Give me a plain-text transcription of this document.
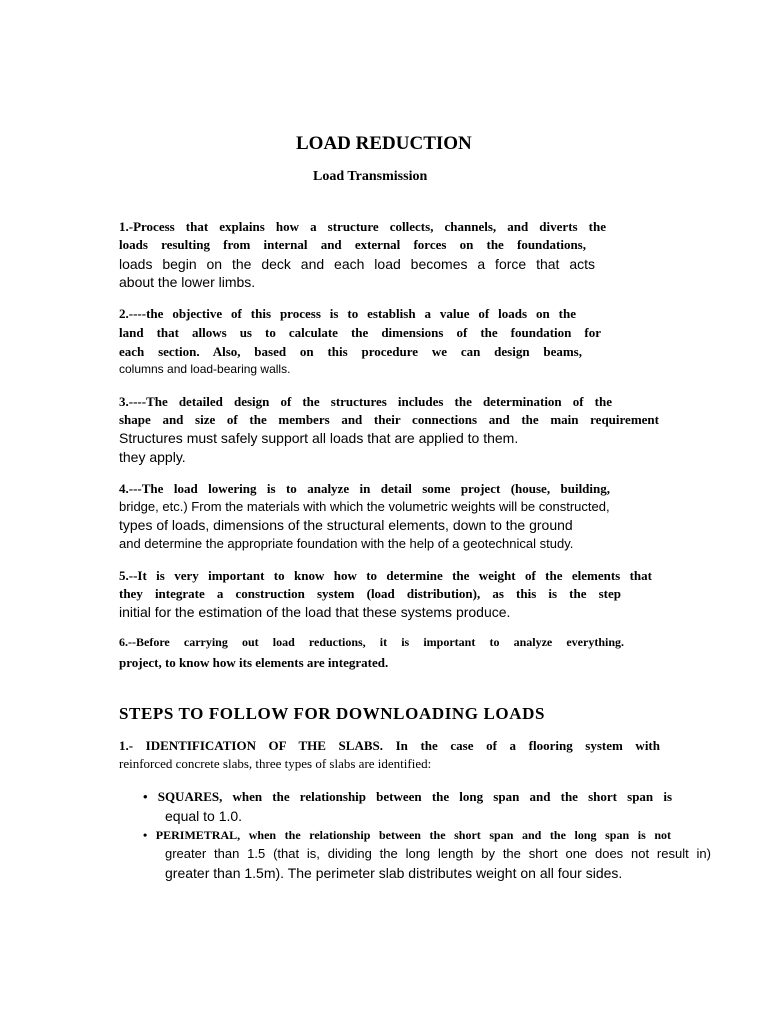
LOAD REDUCTION
Load Transmission
1.-Process that explains how a structure collects, channels, and diverts the
loads resulting from internal and external forces on the foundations,
loads begin on the deck and each load becomes a force that acts
about the lower limbs.
2.----the objective of this process is to establish a value of loads on the
land that allows us to calculate the dimensions of the foundation for
each section. Also, based on this procedure we can design beams,
columns and load-bearing walls.
3.----The detailed design of the structures includes the determination of the
shape and size of the members and their connections and the main requirement
Structures must safely support all loads that are applied to them.
they apply.
4.---The load lowering is to analyze in detail some project (house, building,
bridge, etc.) From the materials with which the volumetric weights will be constructed,
types of loads, dimensions of the structural elements, down to the ground
and determine the appropriate foundation with the help of a geotechnical study.
5.--It is very important to know how to determine the weight of the elements that
they integrate a construction system (load distribution), as this is the step
initial for the estimation of the load that these systems produce.
6.--Before carrying out load reductions, it is important to analyze everything.
project, to know how its elements are integrated.
STEPS TO FOLLOW FOR DOWNLOADING LOADS
1.- IDENTIFICATION OF THE SLABS. In the case of a flooring system with
reinforced concrete slabs, three types of slabs are identified:
• SQUARES, when the relationship between the long span and the short span is
equal to 1.0.
• PERIMETRAL, when the relationship between the short span and the long span is not
greater than 1.5 (that is, dividing the long length by the short one does not result in)
greater than 1.5m). The perimeter slab distributes weight on all four sides.
